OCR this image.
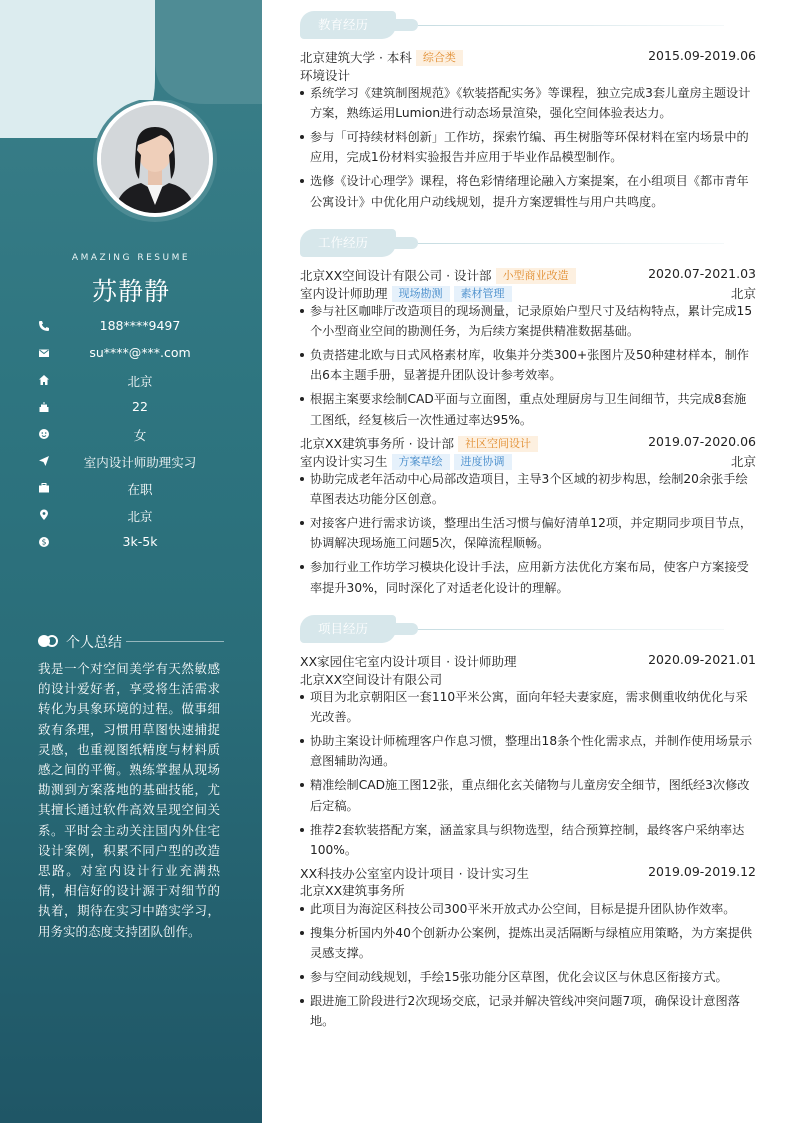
AMAZING RESUME
苏静静
188****9497
su****@***.com
北京
22
女
室内设计师助理实习
在职
北京
$	3k-5k
个人总结
我是一个对空间美学有天然敏感的设计爱好者，享受将生活需求转化为具象环境的过程。做事细致有条理，习惯用草图快速捕捉灵感，也重视图纸精度与材料质感之间的平衡。熟练掌握从现场勘测到方案落地的基础技能，尤其擅长通过软件高效呈现空间关系。平时会主动关注国内外住宅设计案例，积累不同户型的改造思路。对室内设计行业充满热情，相信好的设计源于对细节的执着，期待在实习中踏实学习，用务实的态度支持团队创作。
教育经历
北京建筑大学 · 本科 综合类	2015.09-2019.06
环境设计
系统学习《建筑制图规范》《软装搭配实务》等课程，独立完成3套儿童房主题设计方案，熟练运用Lumion进行动态场景渲染，强化空间体验表达力。
参与「可持续材料创新」工作坊，探索竹编、再生树脂等环保材料在室内场景中的应用，完成1份材料实验报告并应用于毕业作品模型制作。
选修《设计心理学》课程，将色彩情绪理论融入方案提案，在小组项目《都市青年公寓设计》中优化用户动线规划，提升方案逻辑性与用户共鸣度。
工作经历
北京XX空间设计有限公司 · 设计部 小型商业改造	2020.07-2021.03
室内设计师助理 现场勘测 素材管理	北京
参与社区咖啡厅改造项目的现场测量，记录原始户型尺寸及结构特点，累计完成15个小型商业空间的勘测任务，为后续方案提供精准数据基础。
负责搭建北欧与日式风格素材库，收集并分类300+张图片及50种建材样本，制作出6本主题手册，显著提升团队设计参考效率。
根据主案要求绘制CAD平面与立面图，重点处理厨房与卫生间细节，共完成8套施工图纸，经复核后一次性通过率达95%。
北京XX建筑事务所 · 设计部 社区空间设计	2019.07-2020.06
室内设计实习生 方案草绘 进度协调	北京
协助完成老年活动中心局部改造项目，主导3个区域的初步构思，绘制20余张手绘草图表达功能分区创意。
对接客户进行需求访谈，整理出生活习惯与偏好清单12项，并定期同步项目节点，协调解决现场施工问题5次，保障流程顺畅。
参加行业工作坊学习模块化设计手法，应用新方法优化方案布局，使客户方案接受率提升30%，同时深化了对适老化设计的理解。
项目经历
XX家园住宅室内设计项目 · 设计师助理	2020.09-2021.01
北京XX空间设计有限公司
项目为北京朝阳区一套110平米公寓，面向年轻夫妻家庭，需求侧重收纳优化与采光改善。
协助主案设计师梳理客户作息习惯，整理出18条个性化需求点，并制作使用场景示意图辅助沟通。
精准绘制CAD施工图12张，重点细化玄关储物与儿童房安全细节，图纸经3次修改后定稿。
推荐2套软装搭配方案，涵盖家具与织物选型，结合预算控制，最终客户采纳率达100%。
XX科技办公室室内设计项目 · 设计实习生	2019.09-2019.12
北京XX建筑事务所
此项目为海淀区科技公司300平米开放式办公空间，目标是提升团队协作效率。
搜集分析国内外40个创新办公案例，提炼出灵活隔断与绿植应用策略，为方案提供灵感支撑。
参与空间动线规划，手绘15张功能分区草图，优化会议区与休息区衔接方式。
跟进施工阶段进行2次现场交底，记录并解决管线冲突问题7项，确保设计意图落地。
